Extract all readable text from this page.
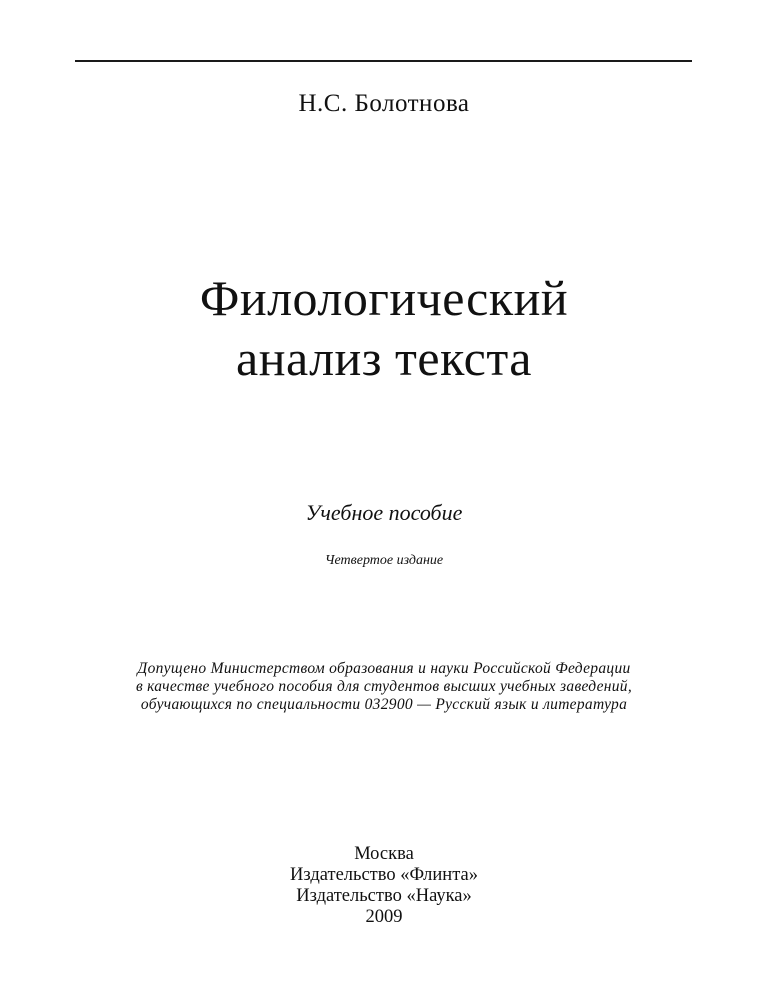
Н.С. Болотнова
Филологический
анализ текста
Учебное пособие
Четвертое издание
Допущено Министерством образования и науки Российской Федерации
в качестве учебного пособия для студентов высших учебных заведений,
обучающихся по специальности 032900 — Русский язык и литература
Москва
Издательство «Флинта»
Издательство «Наука»
2009
